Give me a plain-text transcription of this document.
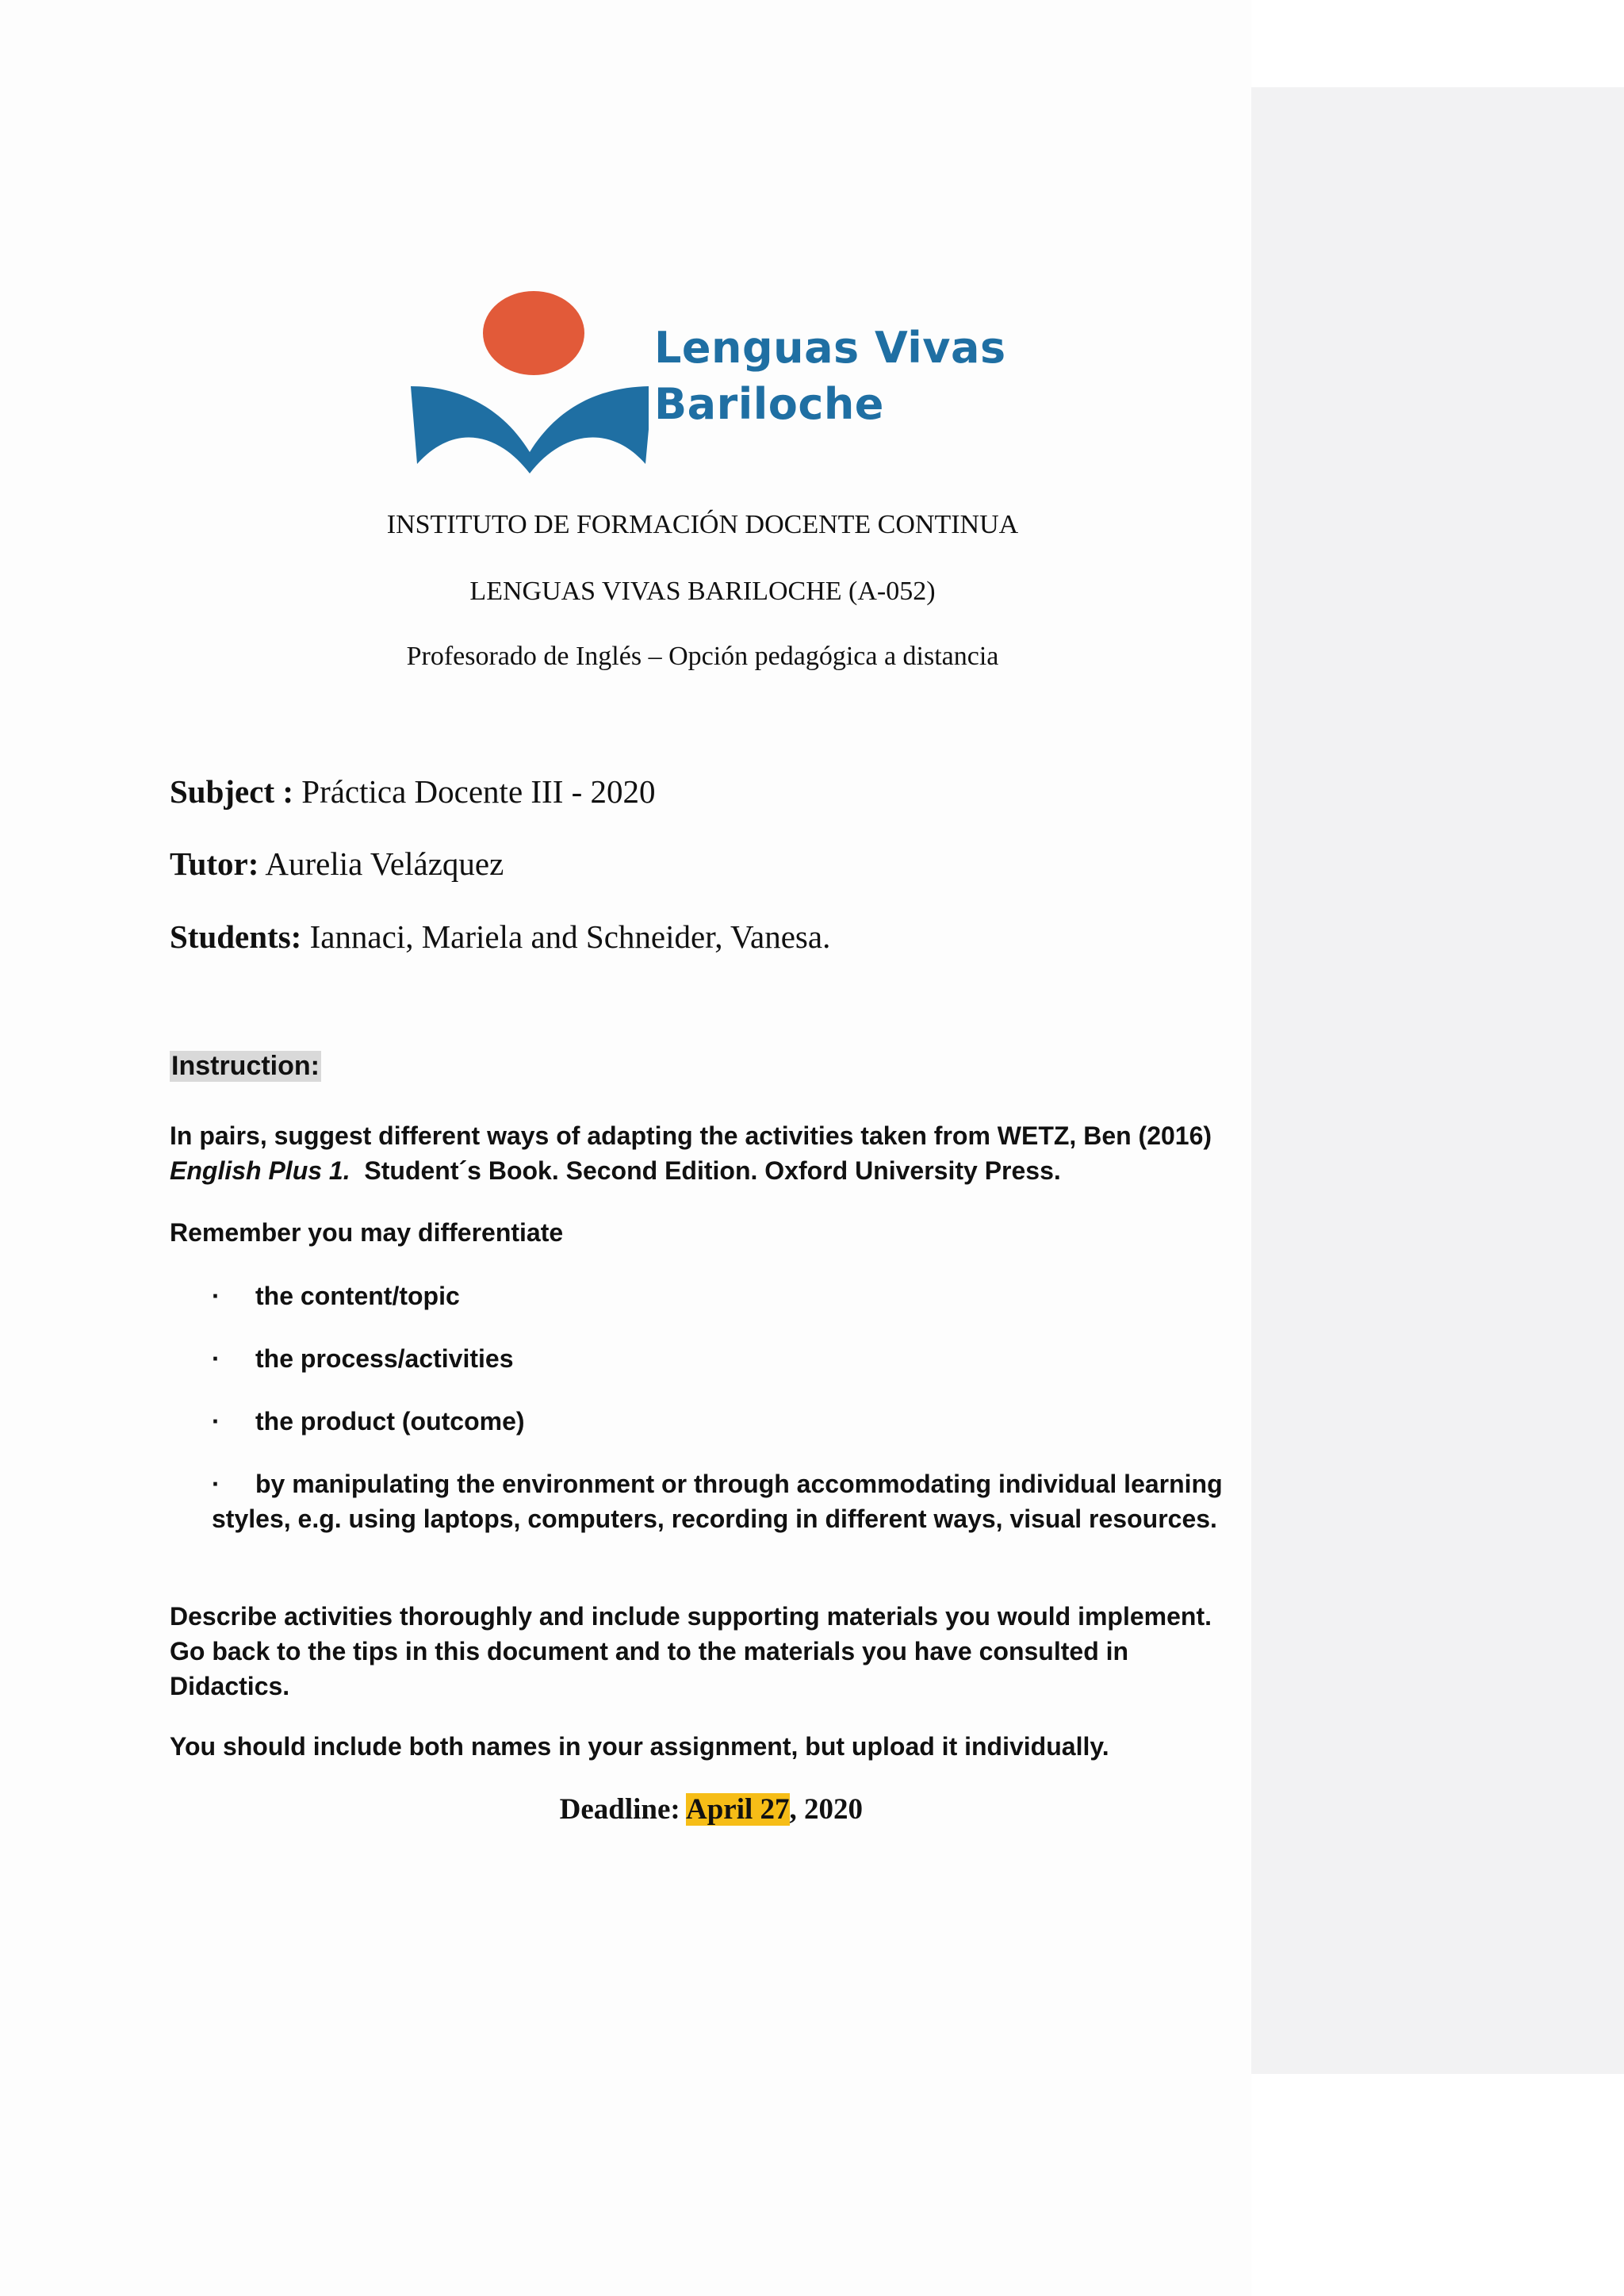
Lenguas Vivas
Bariloche
INSTITUTO DE FORMACIÓN DOCENTE CONTINUA
LENGUAS VIVAS BARILOCHE (A-052)
Profesorado de Inglés – Opción pedagógica a distancia
Subject : Práctica Docente III - 2020
Tutor: Aurelia Velázquez
Students: Iannaci, Mariela and Schneider, Vanesa.
Instruction:
In pairs, suggest different ways of adapting the activities taken from WETZ, Ben (2016) English Plus 1.  Student´s Book. Second Edition. Oxford University Press.
Remember you may differentiate
· the content/topic
· the process/activities
· the product (outcome)
· by manipulating the environment or through accommodating individual learning styles, e.g. using laptops, computers, recording in different ways, visual resources.
Describe activities thoroughly and include supporting materials you would implement. Go back to the tips in this document and to the materials you have consulted in Didactics.
You should include both names in your assignment, but upload it individually.
Deadline: April 27, 2020
